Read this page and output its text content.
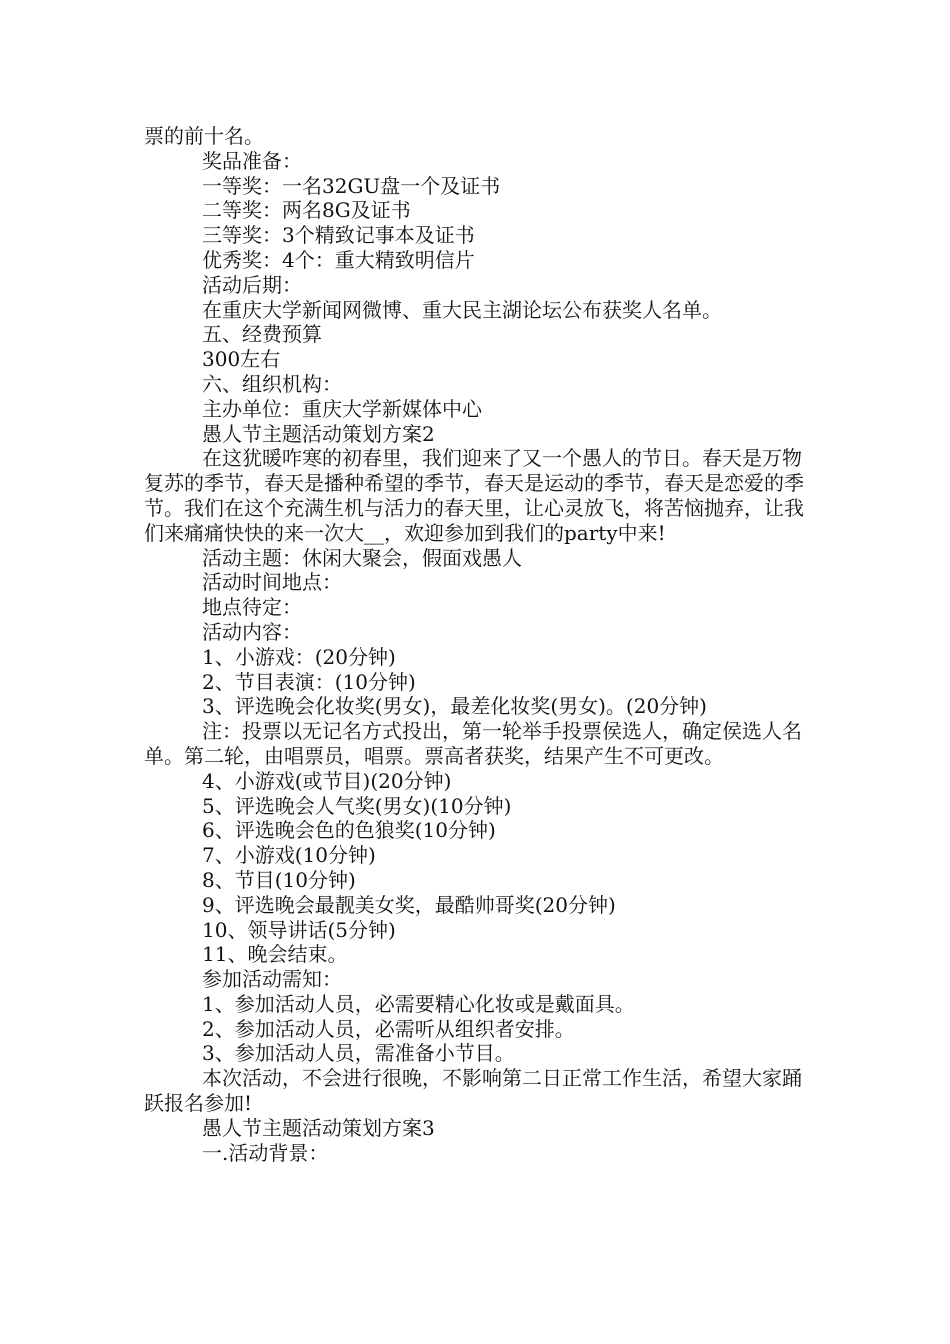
票的前十名。

奖品准备：

一等奖：一名32GU盘一个及证书

二等奖：两名8G及证书

三等奖：3个精致记事本及证书

优秀奖：4个：重大精致明信片

活动后期：

在重庆大学新闻网微博、重大民主湖论坛公布获奖人名单。

五、经费预算

300左右

六、组织机构：

主办单位：重庆大学新媒体中心

愚人节主题活动策划方案2

在这犹暖咋寒的初春里，我们迎来了又一个愚人的节日。春天是万物复苏的季节，春天是播种希望的季节，春天是运动的季节，春天是恋爱的季节。我们在这个充满生机与活力的春天里，让心灵放飞，将苦恼抛弃，让我们来痛痛快快的来一次大__，欢迎参加到我们的party中来!

活动主题：休闲大聚会，假面戏愚人

活动时间地点：

地点待定：

活动内容：

1、小游戏：(20分钟)

2、节目表演：(10分钟)

3、评选晚会化妆奖(男女)，最差化妆奖(男女)。(20分钟)

注：投票以无记名方式投出，第一轮举手投票侯选人，确定侯选人名单。第二轮，由唱票员，唱票。票高者获奖，结果产生不可更改。

4、小游戏(或节目)(20分钟)

5、评选晚会人气奖(男女)(10分钟)

6、评选晚会色的色狼奖(10分钟)

7、小游戏(10分钟)

8、节目(10分钟)

9、评选晚会最靓美女奖，最酷帅哥奖(20分钟)

10、领导讲话(5分钟)

11、晚会结束。

参加活动需知：

1、参加活动人员，必需要精心化妆或是戴面具。

2、参加活动人员，必需听从组织者安排。

3、参加活动人员，需准备小节目。

本次活动，不会进行很晚，不影响第二日正常工作生活，希望大家踊跃报名参加!

愚人节主题活动策划方案3

一.活动背景：
